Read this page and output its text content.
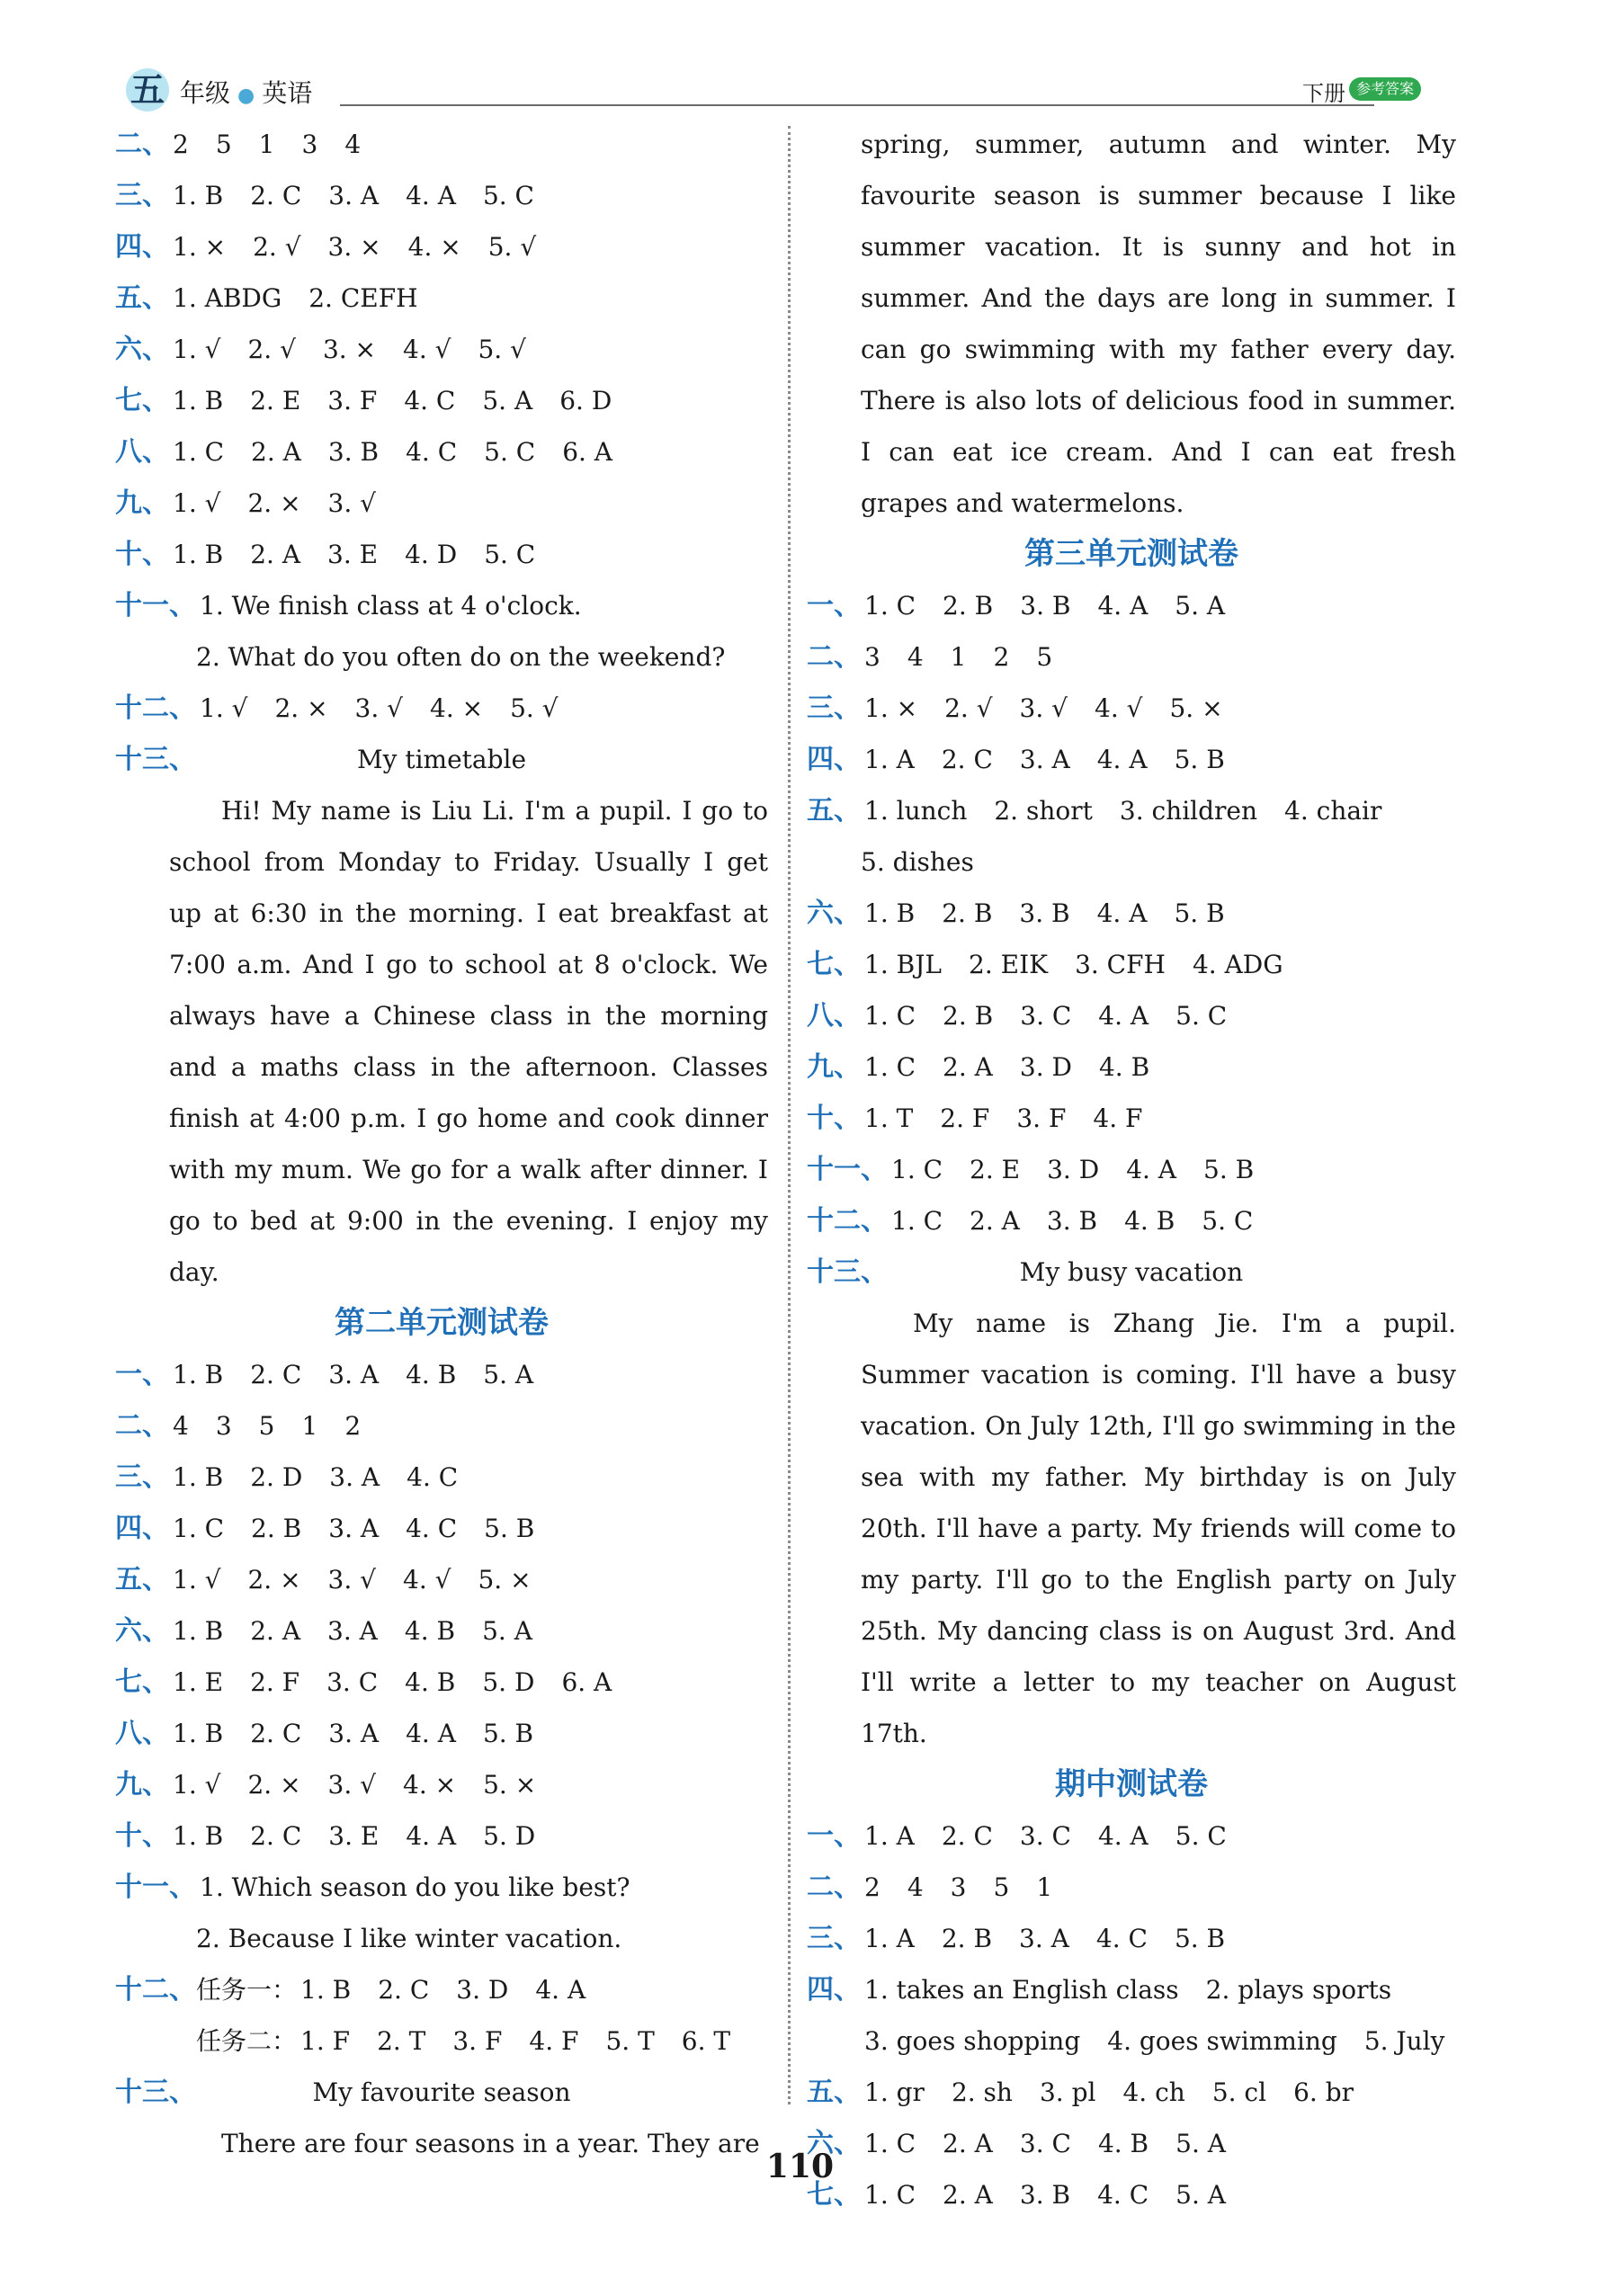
五 年级 ● 英语	下册 参考答案
二、 2 5 1 3 4
三、 1. B 2. C 3. A 4. A 5. C
四、 1. × 2. √ 3. × 4. × 5. √
五、 1. ABDG 2. CEFH
六、 1. √ 2. √ 3. × 4. √ 5. √
七、 1. B 2. E 3. F 4. C 5. A 6. D
八、 1. C 2. A 3. B 4. C 5. C 6. A
九、 1. √ 2. × 3. √
十、 1. B 2. A 3. E 4. D 5. C
十一、 1. We finish class at 4 o'clock.
2. What do you often do on the weekend?
十二、 1. √ 2. × 3. √ 4. × 5. √
十三、	My timetable
Hi! My name is Liu Li. I'm a pupil. I go to school from Monday to Friday. Usually I get up at 6:30 in the morning. I eat breakfast at 7:00 a.m. And I go to school at 8 o'clock. We always have a Chinese class in the morning and a maths class in the afternoon. Classes finish at 4:00 p.m. I go home and cook dinner with my mum. We go for a walk after dinner. I go to bed at 9:00 in the evening. I enjoy my day.
第二单元测试卷
一、 1. B 2. C 3. A 4. B 5. A
二、 4 3 5 1 2
三、 1. B 2. D 3. A 4. C
四、 1. C 2. B 3. A 4. C 5. B
五、 1. √ 2. × 3. √ 4. √ 5. ×
六、 1. B 2. A 3. A 4. B 5. A
七、 1. E 2. F 3. C 4. B 5. D 6. A
八、 1. B 2. C 3. A 4. A 5. B
九、 1. √ 2. × 3. √ 4. × 5. ×
十、 1. B 2. C 3. E 4. A 5. D
十一、 1. Which season do you like best?
2. Because I like winter vacation.
十二、任务一： 1. B 2. C 3. D 4. A
任务二： 1. F 2. T 3. F 4. F 5. T 6. T
十三、	My favourite season
There are four seasons in a year. They are
spring, summer, autumn and winter. My favourite season is summer because I like summer vacation. It is sunny and hot in summer. And the days are long in summer. I can go swimming with my father every day. There is also lots of delicious food in summer. I can eat ice cream. And I can eat fresh grapes and watermelons.
第三单元测试卷
一、 1. C 2. B 3. B 4. A 5. A
二、 3 4 1 2 5
三、 1. × 2. √ 3. √ 4. √ 5. ×
四、 1. A 2. C 3. A 4. A 5. B
五、 1. lunch 2. short 3. children 4. chair
5. dishes
六、 1. B 2. B 3. B 4. A 5. B
七、 1. BJL 2. EIK 3. CFH 4. ADG
八、 1. C 2. B 3. C 4. A 5. C
九、 1. C 2. A 3. D 4. B
十、 1. T 2. F 3. F 4. F
十一、 1. C 2. E 3. D 4. A 5. B
十二、 1. C 2. A 3. B 4. B 5. C
十三、	My busy vacation
My name is Zhang Jie. I'm a pupil. Summer vacation is coming. I'll have a busy vacation. On July 12th, I'll go swimming in the sea with my father. My birthday is on July 20th. I'll have a party. My friends will come to my party. I'll go to the English party on July 25th. My dancing class is on August 3rd. And I'll write a letter to my teacher on August 17th.
期中测试卷
一、 1. A 2. C 3. C 4. A 5. C
二、 2 4 3 5 1
三、 1. A 2. B 3. A 4. C 5. B
四、 1. takes an English class 2. plays sports
3. goes shopping 4. goes swimming 5. July
五、 1. gr 2. sh 3. pl 4. ch 5. cl 6. br
六、 1. C 2. A 3. C 4. B 5. A
七、 1. C 2. A 3. B 4. C 5. A
110
